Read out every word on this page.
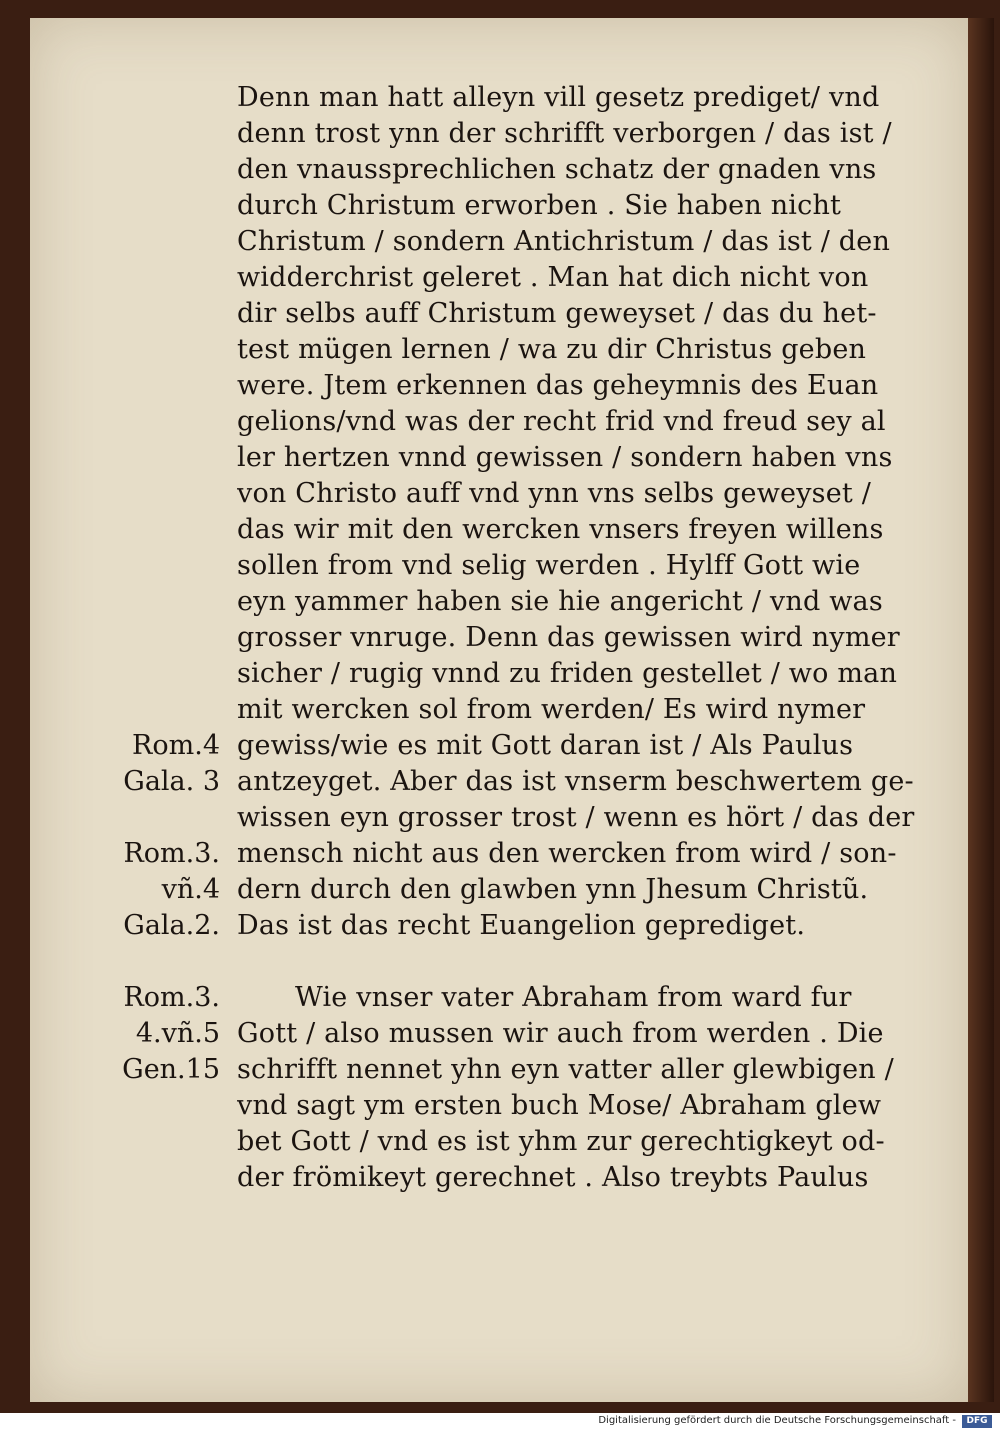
Denn man hatt alleyn vill gesetz prediget/ vnd
denn trost ynn der schrifft verborgen / das ist /
den vnaussprechlichen schatz der gnaden vns
durch Christum erworben . Sie haben nicht
Christum / sondern Antichristum / das ist / den
widderchrist geleret . Man hat dich nicht von
dir selbs auff Christum geweyset / das du het-
test mügen lernen / wa zu dir Christus geben
were. Jtem erkennen das geheymnis des Euan
gelions/vnd was der recht frid vnd freud sey al
ler hertzen vnnd gewissen / sondern haben vns
von Christo auff vnd ynn vns selbs geweyset /
das wir mit den wercken vnsers freyen willens
sollen from vnd selig werden . Hylff Gott wie
eyn yammer haben sie hie angericht / vnd was
grosser vnruge. Denn das gewissen wird nymer
sicher / rugig vnnd zu friden gestellet / wo man
mit wercken sol from werden/ Es wird nymer
gewiss/wie es mit Gott daran ist / Als Paulus
antzeyget. Aber das ist vnserm beschwertem ge-
wissen eyn grosser trost / wenn es hört / das der
mensch nicht aus den wercken from wird / son-
dern durch den glawben ynn Jhesum Christũ.
Das ist das recht Euangelion geprediget.
Wie vnser vater Abraham from ward fur
Gott / also mussen wir auch from werden . Die
schrifft nennet yhn eyn vatter aller glewbigen /
vnd sagt ym ersten buch Mose/ Abraham glew
bet Gott / vnd es ist yhm zur gerechtigkeyt od-
der frömikeyt gerechnet . Also treybts Paulus
Rom.4
Gala. 3
Rom.3.
vñ.4
Gala.2.
Rom.3.
4.vñ.5
Gen.15
Digitalisierung gefördert durch die Deutsche Forschungsgemeinschaft -	DFG
